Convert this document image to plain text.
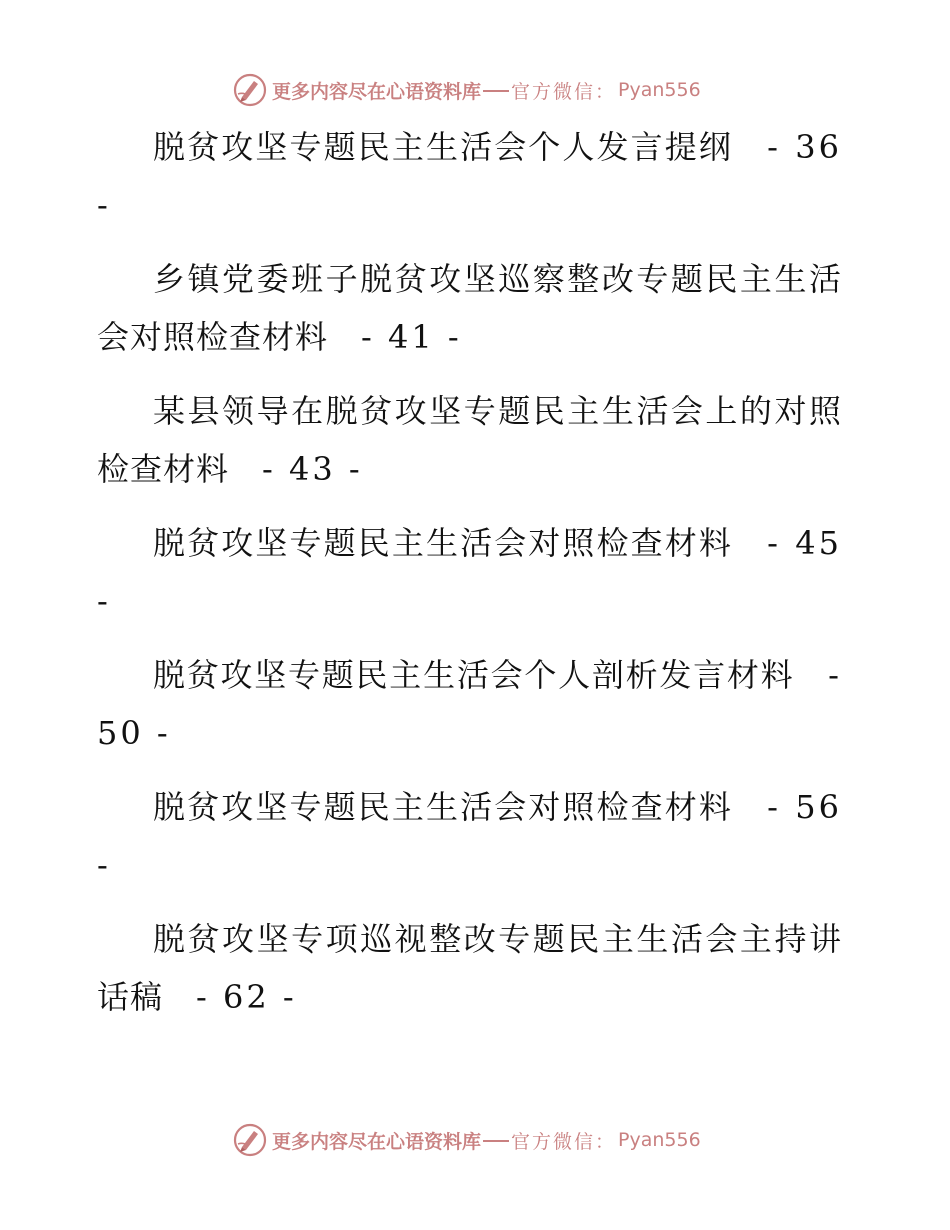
更多内容尽在心语资料库 官方微信： Pyan556

脱贫攻坚专题民主生活会个人发言提纲　 - 36 -

乡镇党委班子脱贫攻坚巡察整改专题民主生活会对照检查材料　 - 41 -

某县领导在脱贫攻坚专题民主生活会上的对照检查材料　 - 43 -

脱贫攻坚专题民主生活会对照检查材料　 - 45 -

脱贫攻坚专题民主生活会个人剖析发言材料　 - 50 -

脱贫攻坚专题民主生活会对照检查材料　 - 56 -

脱贫攻坚专项巡视整改专题民主生活会主持讲话稿　 - 62 -

更多内容尽在心语资料库 官方微信： Pyan556
